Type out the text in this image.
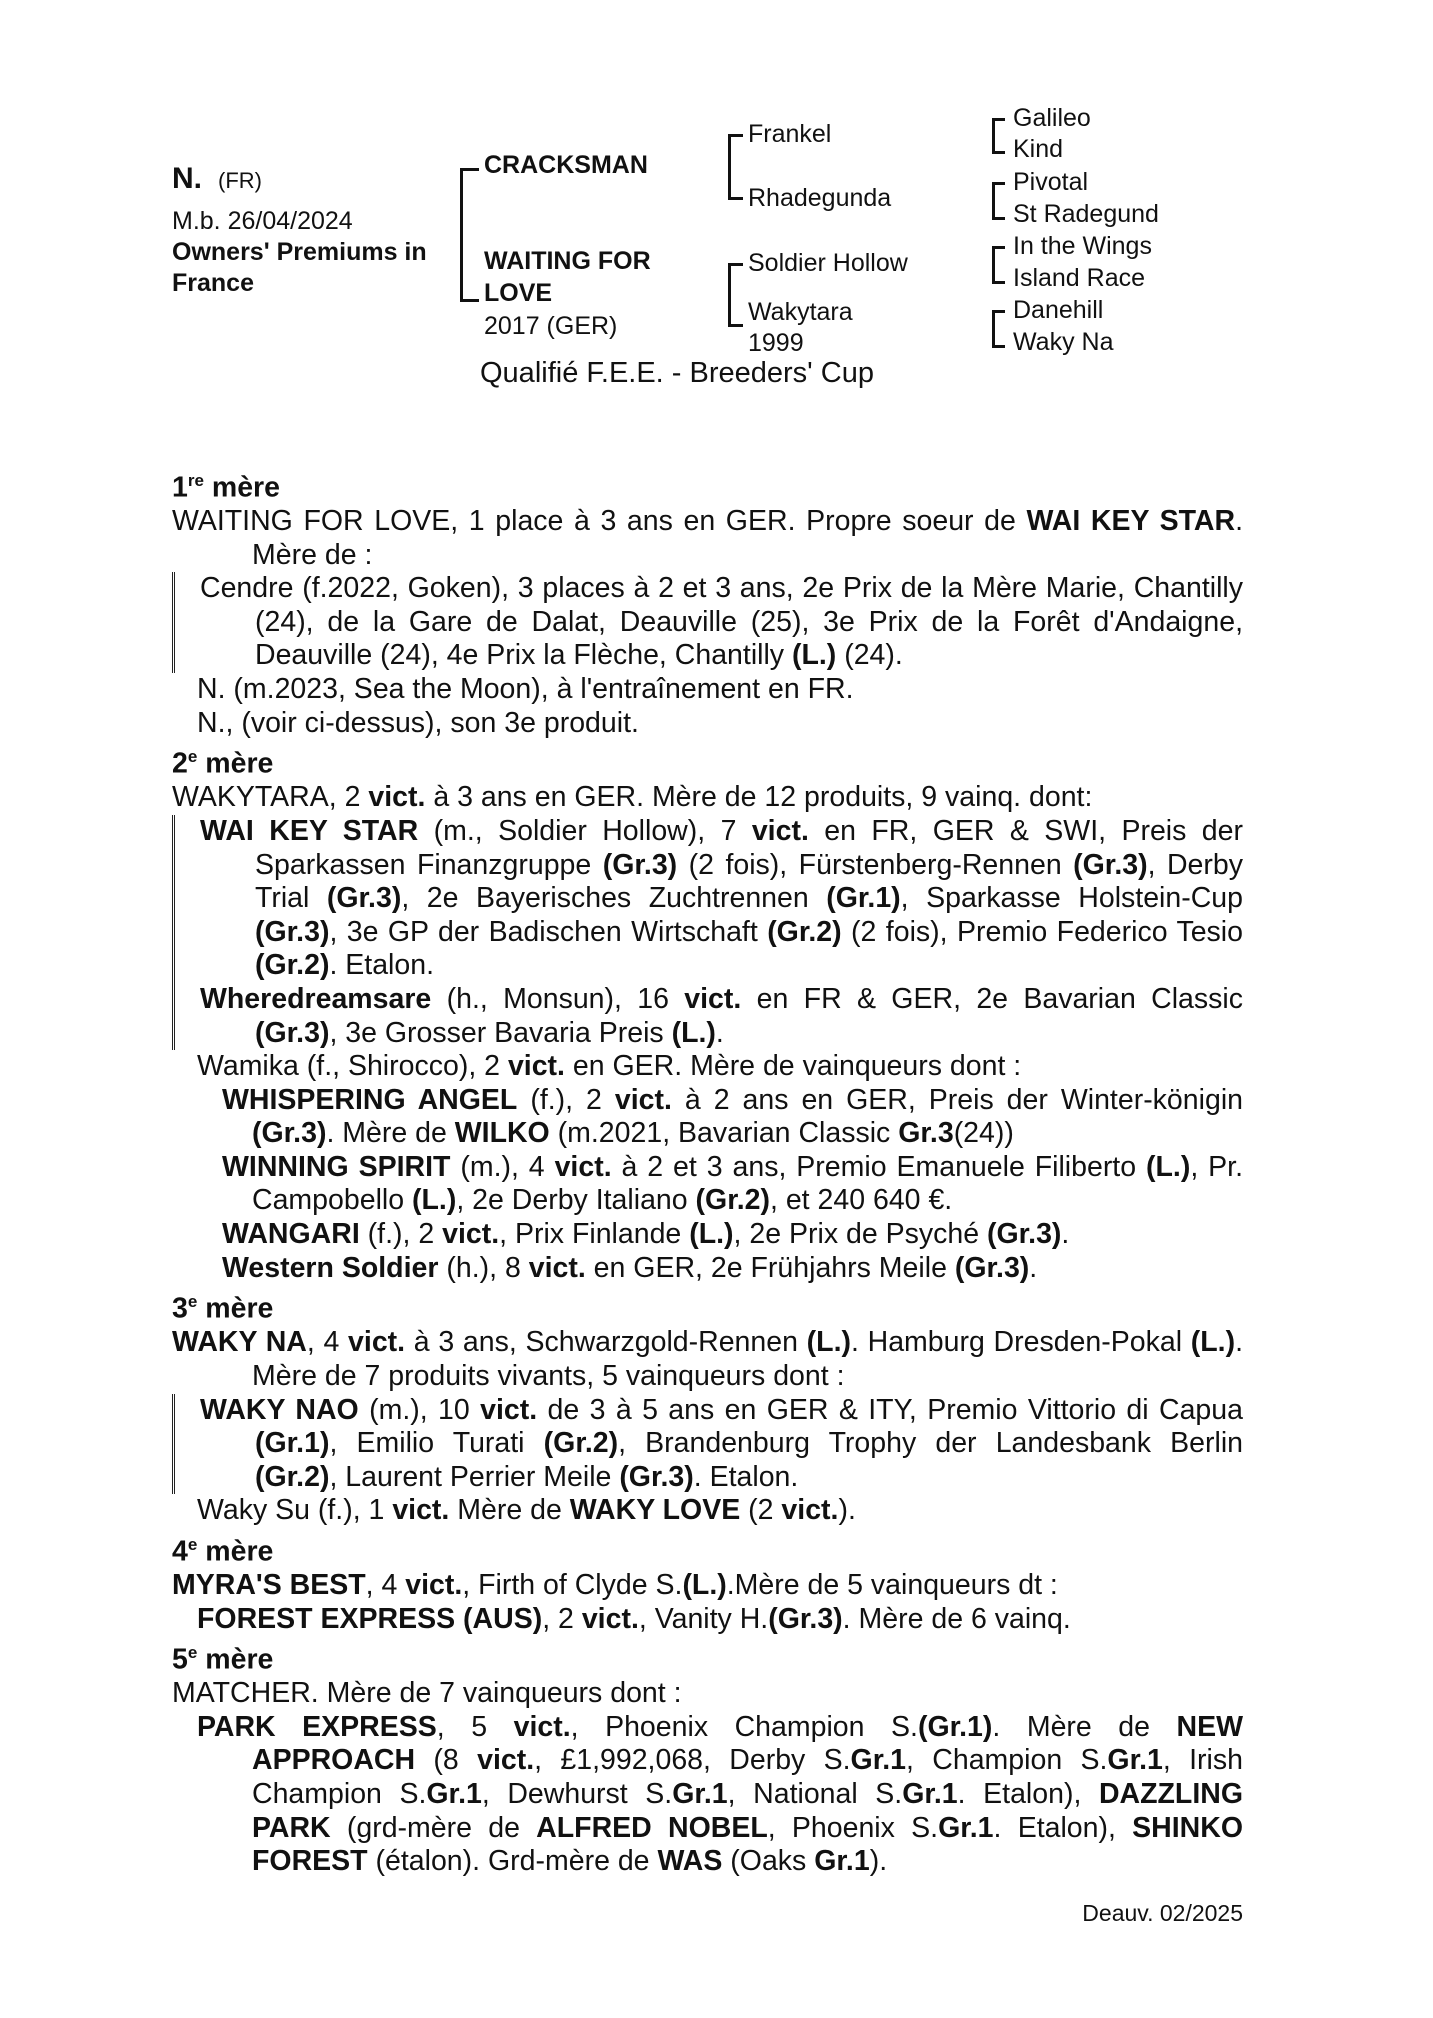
N. (FR)
M.b. 26/04/2024
Owners' Premiums in
France
CRACKSMAN
WAITING FOR
LOVE
2017 (GER)
Frankel
Rhadegunda
Soldier Hollow
Wakytara
1999
Galileo
Kind
Pivotal
St Radegund
In the Wings
Island Race
Danehill
Waky Na
Qualifié F.E.E. - Breeders' Cup
1re mère
WAITING FOR LOVE, 1 place à 3 ans en GER. Propre soeur de WAI KEY STAR. Mère de :
Cendre (f.2022, Goken), 3 places à 2 et 3 ans, 2e Prix de la Mère Marie, Chantilly (24), de la Gare de Dalat, Deauville (25), 3e Prix de la Forêt d'Andaigne, Deauville (24), 4e Prix la Flèche, Chantilly (L.) (24).
N. (m.2023, Sea the Moon), à l'entraînement en FR.
N., (voir ci-dessus), son 3e produit.
2e mère
WAKYTARA, 2 vict. à 3 ans en GER. Mère de 12 produits, 9 vainq. dont:
WAI KEY STAR (m., Soldier Hollow), 7 vict. en FR, GER & SWI, Preis der Sparkassen Finanzgruppe (Gr.3) (2 fois), Fürstenberg-Rennen (Gr.3), Derby Trial (Gr.3), 2e Bayerisches Zuchtrennen (Gr.1), Sparkasse Holstein-Cup (Gr.3), 3e GP der Badischen Wirtschaft (Gr.2) (2 fois), Premio Federico Tesio (Gr.2). Etalon.
Wheredreamsare (h., Monsun), 16 vict. en FR & GER, 2e Bavarian Classic (Gr.3), 3e Grosser Bavaria Preis (L.).
Wamika (f., Shirocco), 2 vict. en GER. Mère de vainqueurs dont :
WHISPERING ANGEL (f.), 2 vict. à 2 ans en GER, Preis der Winter-königin (Gr.3). Mère de WILKO (m.2021, Bavarian Classic Gr.3(24))
WINNING SPIRIT (m.), 4 vict. à 2 et 3 ans, Premio Emanuele Filiberto (L.), Pr. Campobello (L.), 2e Derby Italiano (Gr.2), et 240 640 €.
WANGARI (f.), 2 vict., Prix Finlande (L.), 2e Prix de Psyché (Gr.3).
Western Soldier (h.), 8 vict. en GER, 2e Frühjahrs Meile (Gr.3).
3e mère
WAKY NA, 4 vict. à 3 ans, Schwarzgold-Rennen (L.). Hamburg Dresden-Pokal (L.). Mère de 7 produits vivants, 5 vainqueurs dont :
WAKY NAO (m.), 10 vict. de 3 à 5 ans en GER & ITY, Premio Vittorio di Capua (Gr.1), Emilio Turati (Gr.2), Brandenburg Trophy der Landesbank Berlin (Gr.2), Laurent Perrier Meile (Gr.3). Etalon.
Waky Su (f.), 1 vict. Mère de WAKY LOVE (2 vict.).
4e mère
MYRA'S BEST, 4 vict., Firth of Clyde S.(L.).Mère de 5 vainqueurs dt :
FOREST EXPRESS (AUS), 2 vict., Vanity H.(Gr.3). Mère de 6 vainq.
5e mère
MATCHER. Mère de 7 vainqueurs dont :
PARK EXPRESS, 5 vict., Phoenix Champion S.(Gr.1). Mère de NEW APPROACH (8 vict., £1,992,068, Derby S.Gr.1, Champion S.Gr.1, Irish Champion S.Gr.1, Dewhurst S.Gr.1, National S.Gr.1. Etalon), DAZZLING PARK (grd-mère de ALFRED NOBEL, Phoenix S.Gr.1. Etalon), SHINKO FOREST (étalon). Grd-mère de WAS (Oaks Gr.1).
Deauv. 02/2025
